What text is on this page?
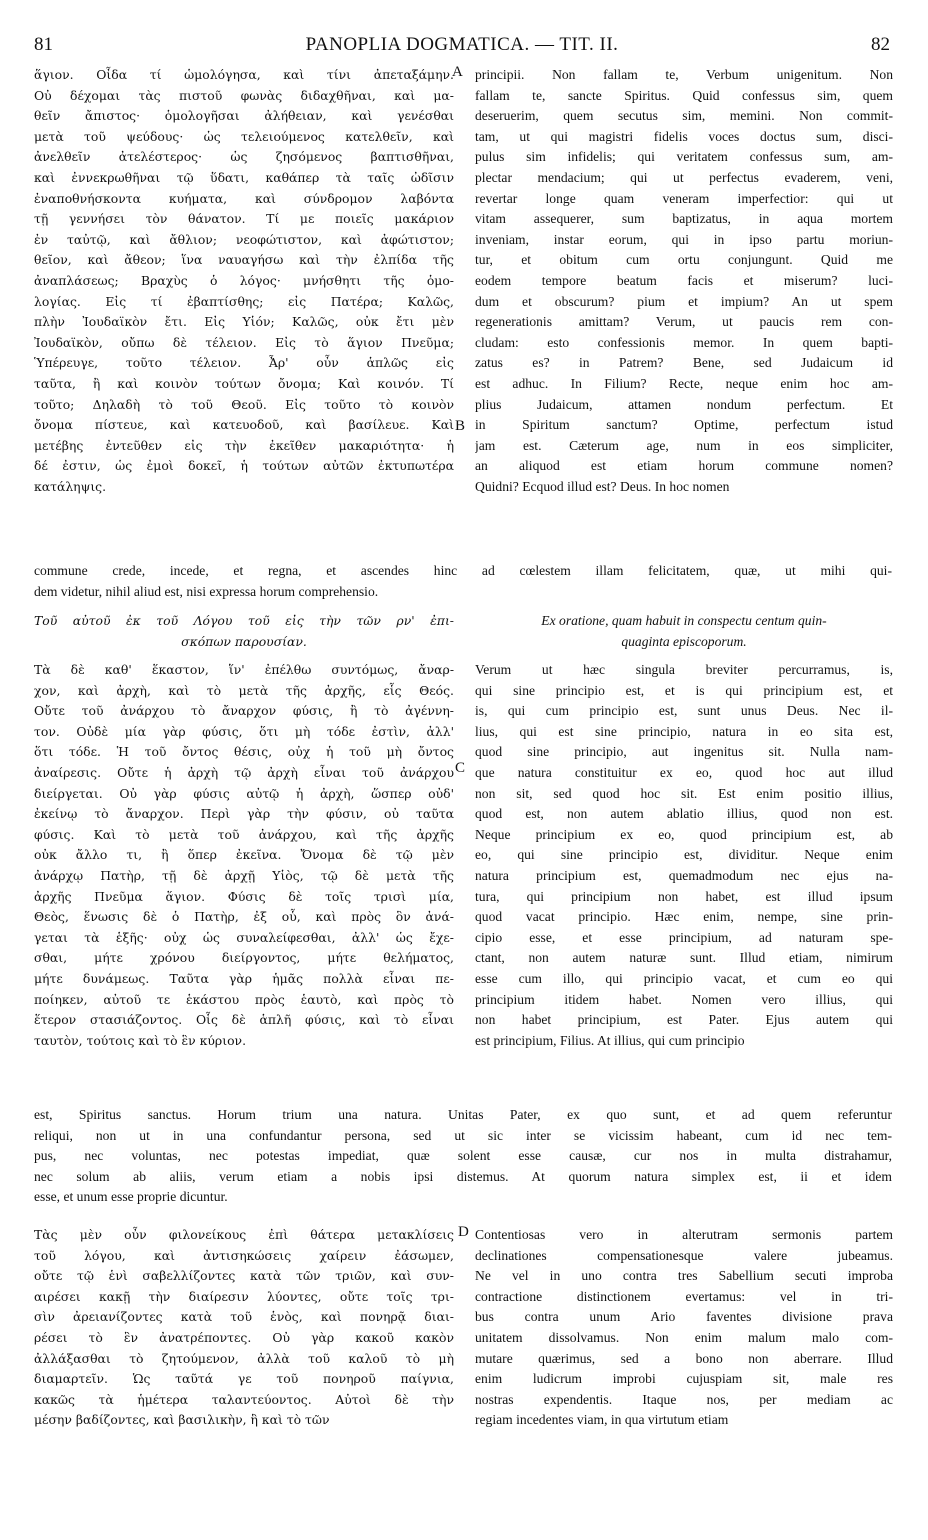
81	PANOPLIA DOGMATICA. — TIT. II.	82
ἅγιον. Οἶδα τί ὡμολόγησα, καὶ τίνι ἀπεταξάμην.
Οὐ δέχομαι τὰς πιστοῦ φωνὰς διδαχθῆναι, καὶ μα-
θεῖν ἄπιστος· ὁμολογῆσαι ἀλήθειαν, καὶ γενέσθαι
μετὰ τοῦ ψεύδους· ὡς τελειούμενος κατελθεῖν, καὶ
ἀνελθεῖν ἀτελέστερος· ὡς ζησόμενος βαπτισθῆναι,
καὶ ἐννεκρωθῆναι τῷ ὕδατι, καθάπερ τὰ ταῖς ὠδῖσιν
ἐναποθνήσκοντα κυήματα, καὶ σύνδρομον λαβόντα
τῇ γεννήσει τὸν θάνατον. Τί με ποιεῖς μακάριον
ἐν ταὐτῷ, καὶ ἄθλιον; νεοφώτιστον, καὶ ἀφώτιστον;
θεῖον, καὶ ἄθεον; ἵνα ναυαγήσω καὶ τὴν ἐλπίδα τῆς
ἀναπλάσεως; Βραχὺς ὁ λόγος· μνήσθητι τῆς ὁμο-
λογίας. Εἰς τί ἐβαπτίσθης; εἰς Πατέρα; Καλῶς,
πλὴν Ἰουδαϊκὸν ἔτι. Εἰς Υἱόν; Καλῶς, οὐκ ἔτι μὲν
Ἰουδαϊκὸν, οὔπω δὲ τέλειον. Εἰς τὸ ἅγιον Πνεῦμα;
Ὑπέρευγε, τοῦτο τέλειον. Ἆρ' οὖν ἁπλῶς εἰς
ταῦτα, ἢ καὶ κοινὸν τούτων ὄνομα; Καὶ κοινόν. Τί
τοῦτο; Δηλαδὴ τὸ τοῦ Θεοῦ. Εἰς τοῦτο τὸ κοινὸν
ὄνομα πίστευε, καὶ κατευοδοῦ, καὶ βασίλευε. Καὶ
μετέβης ἐντεῦθεν εἰς τὴν ἐκεῖθεν μακαριότητα· ἡ
δέ ἐστιν, ὡς ἐμοὶ δοκεῖ, ἡ τούτων αὐτῶν ἐκτυπωτέρα
κατάληψις.
principii. Non fallam te, Verbum unigenitum. Non
fallam te, sancte Spiritus. Quid confessus sim, quem
deseruerim, quem secutus sim, memini. Non commit-
tam, ut qui magistri fidelis voces doctus sum, disci-
pulus sim infidelis; qui veritatem confessus sum, am-
plectar mendacium; qui ut perfectus evaderem, veni,
revertar longe quam veneram imperfectior: qui ut
vitam assequerer, sum baptizatus, in aqua mortem
inveniam, instar eorum, qui in ipso partu moriun-
tur, et obitum cum ortu conjungunt. Quid me
eodem tempore beatum facis et miserum? luci-
dum et obscurum? pium et impium? An ut spem
regenerationis amittam? Verum, ut paucis rem con-
cludam: esto confessionis memor. In quem bapti-
zatus es? in Patrem? Bene, sed Judaicum id
est adhuc. In Filium? Recte, neque enim hoc am-
plius Judaicum, attamen nondum perfectum. Et
in Spiritum sanctum? Optime, perfectum istud
jam est. Cæterum age, num in eos simpliciter,
an aliquod est etiam horum commune nomen?
Quidni? Ecquod illud est? Deus. In hoc nomen
commune crede, incede, et regna, et ascendes hinc ad cœlestem illam felicitatem, quæ, ut mihi qui-
dem videtur, nihil aliud est, nisi expressa horum comprehensio.
Τοῦ αὐτοῦ ἐκ τοῦ Λόγου τοῦ εἰς τὴν τῶν ρν' ἐπι-
σκόπων παρουσίαν.
Ex oratione, quam habuit in conspectu centum quin-
quaginta episcoporum.
Τὰ δὲ καθ' ἕκαστον, ἵν' ἐπέλθω συντόμως, ἄναρ-
χον, καὶ ἀρχὴ, καὶ τὸ μετὰ τῆς ἀρχῆς, εἷς Θεός.
Οὔτε τοῦ ἀνάρχου τὸ ἄναρχον φύσις, ἢ τὸ ἀγέννη-
τον. Οὐδὲ μία γὰρ φύσις, ὅτι μὴ τόδε ἐστὶν, ἀλλ'
ὅτι τόδε. Ἡ τοῦ ὄντος θέσις, οὐχ ἡ τοῦ μὴ ὄντος
ἀναίρεσις. Οὔτε ἡ ἀρχὴ τῷ ἀρχὴ εἶναι τοῦ ἀνάρχου
διείργεται. Οὐ γὰρ φύσις αὐτῷ ἡ ἀρχὴ, ὥσπερ οὐδ'
ἐκείνῳ τὸ ἄναρχον. Περὶ γὰρ τὴν φύσιν, οὐ ταῦτα
φύσις. Καὶ τὸ μετὰ τοῦ ἀνάρχου, καὶ τῆς ἀρχῆς
οὐκ ἄλλο τι, ἢ ὅπερ ἐκεῖνα. Ὄνομα δὲ τῷ μὲν
ἀνάρχῳ Πατὴρ, τῇ δὲ ἀρχῇ Υἱὸς, τῷ δὲ μετὰ τῆς
ἀρχῆς Πνεῦμα ἅγιον. Φύσις δὲ τοῖς τρισὶ μία,
Θεὸς, ἕνωσις δὲ ὁ Πατὴρ, ἐξ οὗ, καὶ πρὸς ὃν ἀνά-
γεται τὰ ἑξῆς· οὐχ ὡς συναλείφεσθαι, ἀλλ' ὡς ἔχε-
σθαι, μήτε χρόνου διείργοντος, μήτε θελήματος,
μήτε δυνάμεως. Ταῦτα γὰρ ἡμᾶς πολλὰ εἶναι πε-
ποίηκεν, αὐτοῦ τε ἑκάστου πρὸς ἑαυτὸ, καὶ πρὸς τὸ
ἕτερον στασιάζοντος. Οἷς δὲ ἁπλῆ φύσις, καὶ τὸ εἶναι
ταυτὸν, τούτοις καὶ τὸ ἓν κύριον.
Verum ut hæc singula breviter percurramus, is,
qui sine principio est, et is qui principium est, et
is, qui cum principio est, sunt unus Deus. Nec il-
lius, qui est sine principio, natura in eo sita est,
quod sine principio, aut ingenitus sit. Nulla nam-
que natura constituitur ex eo, quod hoc aut illud
non sit, sed quod hoc sit. Est enim positio illius,
quod est, non autem ablatio illius, quod non est.
Neque principium ex eo, quod principium est, ab
eo, qui sine principio est, dividitur. Neque enim
natura principium est, quemadmodum nec ejus na-
tura, qui principium non habet, est illud ipsum
quod vacat principio. Hæc enim, nempe, sine prin-
cipio esse, et esse principium, ad naturam spe-
ctant, non autem naturæ sunt. Illud etiam, nimirum
esse cum illo, qui principio vacat, et cum eo qui
principium itidem habet. Nomen vero illius, qui
non habet principium, est Pater. Ejus autem qui
est principium, Filius. At illius, qui cum principio
est, Spiritus sanctus. Horum trium una natura. Unitas Pater, ex quo sunt, et ad quem referuntur
reliqui, non ut in una confundantur persona, sed ut sic inter se vicissim habeant, cum id nec tem-
pus, nec voluntas, nec potestas impediat, quæ solent esse causæ, cur nos in multa distrahamur,
nec solum ab aliis, verum etiam a nobis ipsi distemus. At quorum natura simplex est, ii et idem
esse, et unum esse proprie dicuntur.
Τὰς μὲν οὖν φιλονείκους ἐπὶ θάτερα μετακλίσεις
τοῦ λόγου, καὶ ἀντισηκώσεις χαίρειν ἐάσωμεν,
οὔτε τῷ ἑνὶ σαβελλίζοντες κατὰ τῶν τριῶν, καὶ συν-
αιρέσει κακῇ τὴν διαίρεσιν λύοντες, οὔτε τοῖς τρι-
σὶν ἀρειανίζοντες κατὰ τοῦ ἑνὸς, καὶ πονηρᾷ διαι-
ρέσει τὸ ἓν ἀνατρέποντες. Οὐ γὰρ κακοῦ κακὸν
ἀλλάξασθαι τὸ ζητούμενον, ἀλλὰ τοῦ καλοῦ τὸ μὴ
διαμαρτεῖν. Ὡς ταῦτά γε τοῦ πονηροῦ παίγνια,
κακῶς τὰ ἡμέτερα ταλαντεύοντος. Αὐτοὶ δὲ τὴν
μέσην βαδίζοντες, καὶ βασιλικὴν, ἣ καὶ τὸ τῶν
Contentiosas vero in alterutram sermonis partem
declinationes compensationesque valere jubeamus.
Ne vel in uno contra tres Sabellium secuti improba
contractione distinctionem evertamus: vel in tri-
bus contra unum Ario faventes divisione prava
unitatem dissolvamus. Non enim malum malo com-
mutare quærimus, sed a bono non aberrare. Illud
enim ludicrum improbi cujuspiam sit, male res
nostras expendentis. Itaque nos, per mediam ac
regiam incedentes viam, in qua virtutum etiam
A
B
C
D
